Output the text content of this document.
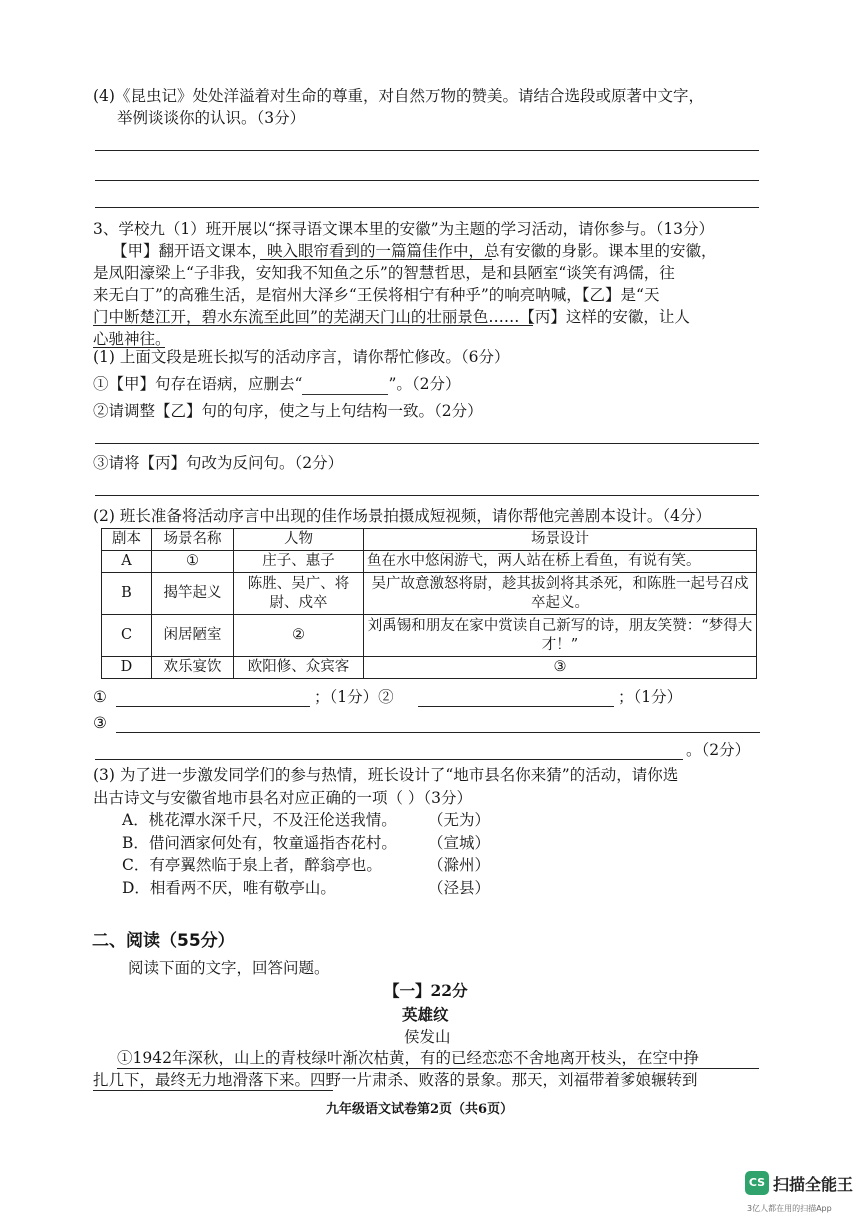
(4)《昆虫记》处处洋溢着对生命的尊重，对自然万物的赞美。请结合选段或原著中文字，
举例谈谈你的认识。（3分）
3、学校九（1）班开展以“探寻语文课本里的安徽”为主题的学习活动，请你参与。（13分）
【甲】翻开语文课本，映入眼帘看到的一篇篇佳作中，总有安徽的身影。课本里的安徽，
是凤阳濠梁上“子非我，安知我不知鱼之乐”的智慧哲思，是和县陋室“谈笑有鸿儒，往
来无白丁”的高雅生活，是宿州大泽乡“王侯将相宁有种乎”的响亮呐喊，【乙】是“天
门中断楚江开，碧水东流至此回”的芜湖天门山的壮丽景色……【丙】这样的安徽，让人
心驰神往。
(1) 上面文段是班长拟写的活动序言，请你帮忙修改。（6分）
①【甲】句存在语病，应删去“	”。（2分）
②请调整【乙】句的句序，使之与上句结构一致。（2分）
③请将【丙】句改为反问句。（2分）
(2) 班长准备将活动序言中出现的佳作场景拍摄成短视频，请你帮他完善剧本设计。（4分）
剧本	场景名称	人物	场景设计
A	①	庄子、惠子	鱼在水中悠闲游弋，两人站在桥上看鱼，有说有笑。
B	揭竿起义	陈胜、吴广、将尉、戍卒	吴广故意激怒将尉，趁其拔剑将其杀死，和陈胜一起号召戍卒起义。
C	闲居陋室	②	刘禹锡和朋友在家中赏读自己新写的诗，朋友笑赞：“梦得大才！”
D	欢乐宴饮	欧阳修、众宾客	③
①	；（1分）②	；（1分）
③
。（2分）
(3) 为了进一步激发同学们的参与热情，班长设计了“地市县名你来猜”的活动，请你选
出古诗文与安徽省地市县名对应正确的一项（ ）（3分）
A．桃花潭水深千尺，不及汪伦送我情。 （无为）
B．借问酒家何处有，牧童遥指杏花村。 （宣城）
C．有亭翼然临于泉上者，醉翁亭也。	（滁州）
D．相看两不厌，唯有敬亭山。	（泾县）
二、阅读（55分）
阅读下面的文字，回答问题。
【一】22分
英雄纹
侯发山
①1942年深秋，山上的青枝绿叶渐次枯黄，有的已经恋恋不舍地离开枝头，在空中挣
扎几下，最终无力地滑落下来。四野一片肃杀、败落的景象。那天，刘福带着爹娘辗转到
九年级语文试卷第2页（共6页）
CS 扫描全能王
3亿人都在用的扫描App
